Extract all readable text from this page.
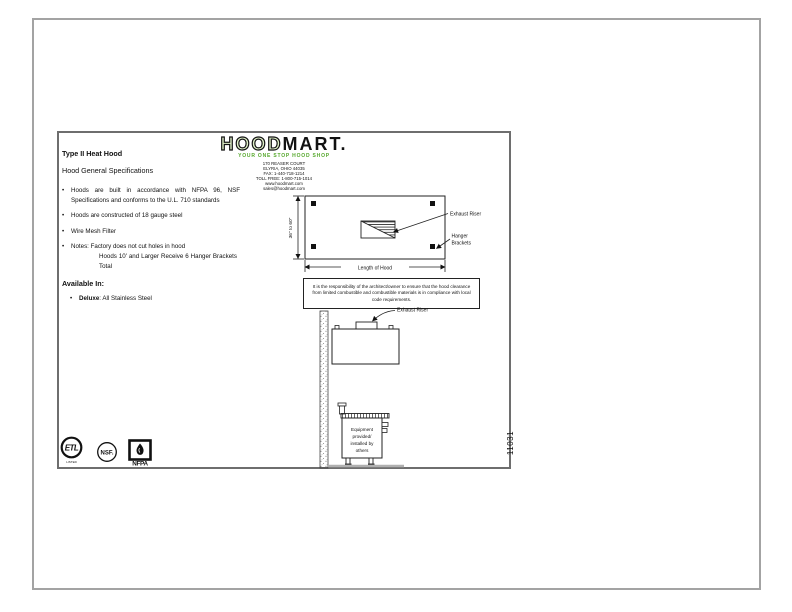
HOODMART.
YOUR ONE STOP HOOD SHOP
170 REASER COURT
ELYRIA, OHIO 44035
FAX: 1-440-718-1214
TOLL FREE: 1-800-715-1014
www.hoodmart.com
sales@hoodmart.com
Type II Heat Hood
Hood General Specifications
• Hoods are built in accordance with NFPA 96, NSF Specifications and conforms to the U.L. 710 standards
• Hoods are constructed of 18 gauge steel
• Wire Mesh Filter
• Notes: Factory does not cut holes in hood
Hoods 10' and Larger Receive 6 Hanger Brackets Total
Available In:
• Deluxe: All Stainless Steel
36" to 60"
Length of Hood
Exhaust Riser
Hanger
Brackets
It is the responsibility of the architect/owner to ensure that the hood clearance from limited combustible and combustible materials is in compliance with local code requirements.
Exhaust Riser
Equipment
provided/
installed by
others	11031
ETL
LISTED
NSF.
NFPA
